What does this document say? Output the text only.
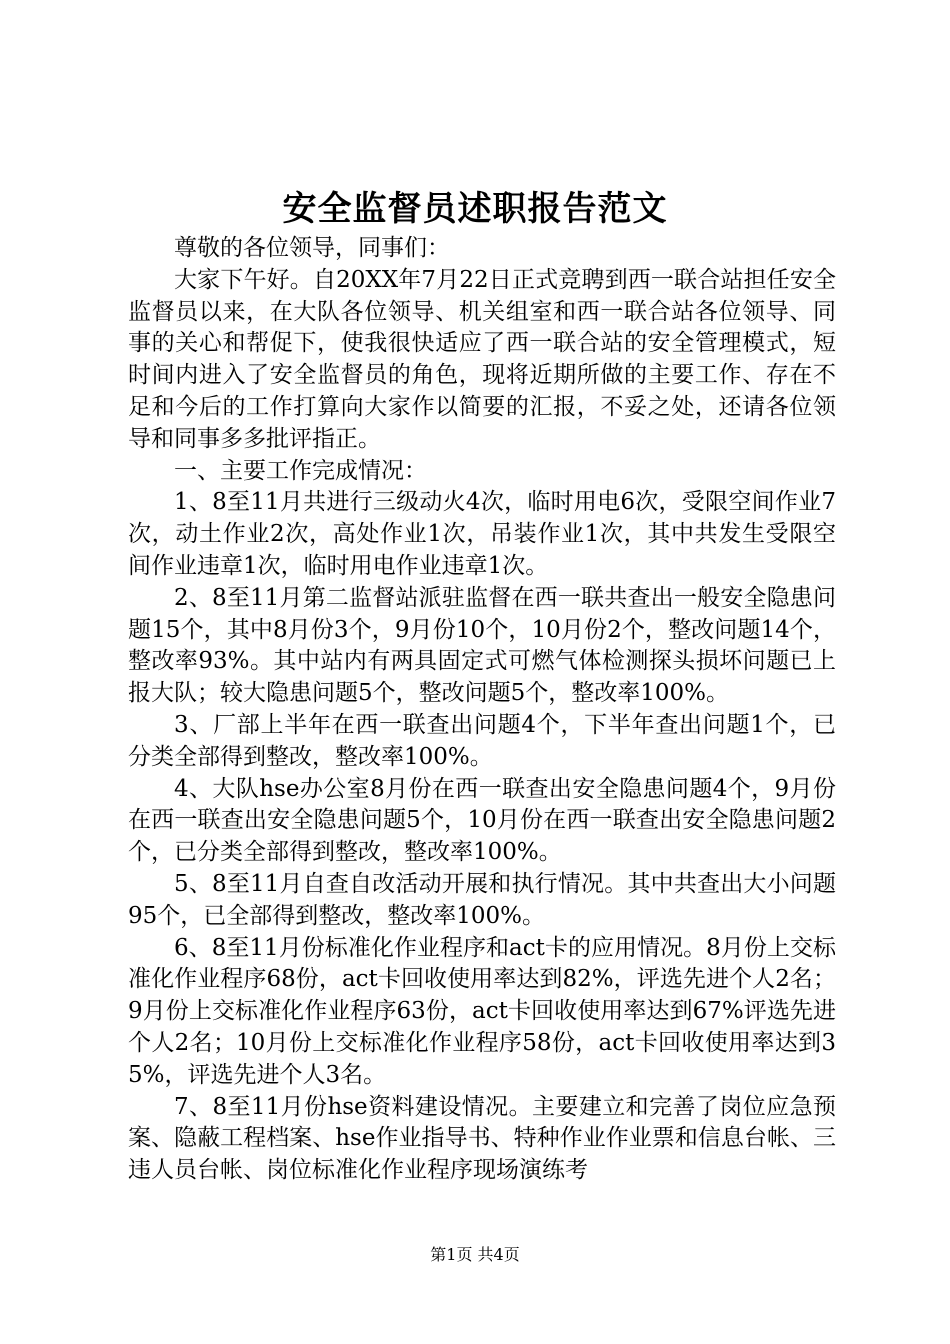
安全监督员述职报告范文

尊敬的各位领导，同事们：

大家下午好。自20XX年7月22日正式竞聘到西一联合站担任安全监督员以来，在大队各位领导、机关组室和西一联合站各位领导、同事的关心和帮促下，使我很快适应了西一联合站的安全管理模式，短时间内进入了安全监督员的角色，现将近期所做的主要工作、存在不足和今后的工作打算向大家作以简要的汇报，不妥之处，还请各位领导和同事多多批评指正。

一、主要工作完成情况：

1、8至11月共进行三级动火4次，临时用电6次，受限空间作业7次，动土作业2次，高处作业1次，吊装作业1次，其中共发生受限空间作业违章1次，临时用电作业违章1次。

2、8至11月第二监督站派驻监督在西一联共查出一般安全隐患问题15个，其中8月份3个，9月份10个，10月份2个，整改问题14个，整改率93%。其中站内有两具固定式可燃气体检测探头损坏问题已上报大队；较大隐患问题5个，整改问题5个，整改率100%。

3、厂部上半年在西一联查出问题4个，下半年查出问题1个，已分类全部得到整改，整改率100%。

4、大队hse办公室8月份在西一联查出安全隐患问题4个，9月份在西一联查出安全隐患问题5个，10月份在西一联查出安全隐患问题2个，已分类全部得到整改，整改率100%。

5、8至11月自查自改活动开展和执行情况。其中共查出大小问题95个，已全部得到整改，整改率100%。

6、8至11月份标准化作业程序和act卡的应用情况。8月份上交标准化作业程序68份，act卡回收使用率达到82%，评选先进个人2名；9月份上交标准化作业程序63份，act卡回收使用率达到67%评选先进个人2名；10月份上交标准化作业程序58份，act卡回收使用率达到35%，评选先进个人3名。

7、8至11月份hse资料建设情况。主要建立和完善了岗位应急预案、隐蔽工程档案、hse作业指导书、特种作业作业票和信息台帐、三违人员台帐、岗位标准化作业程序现场演练考

第1页 共4页
